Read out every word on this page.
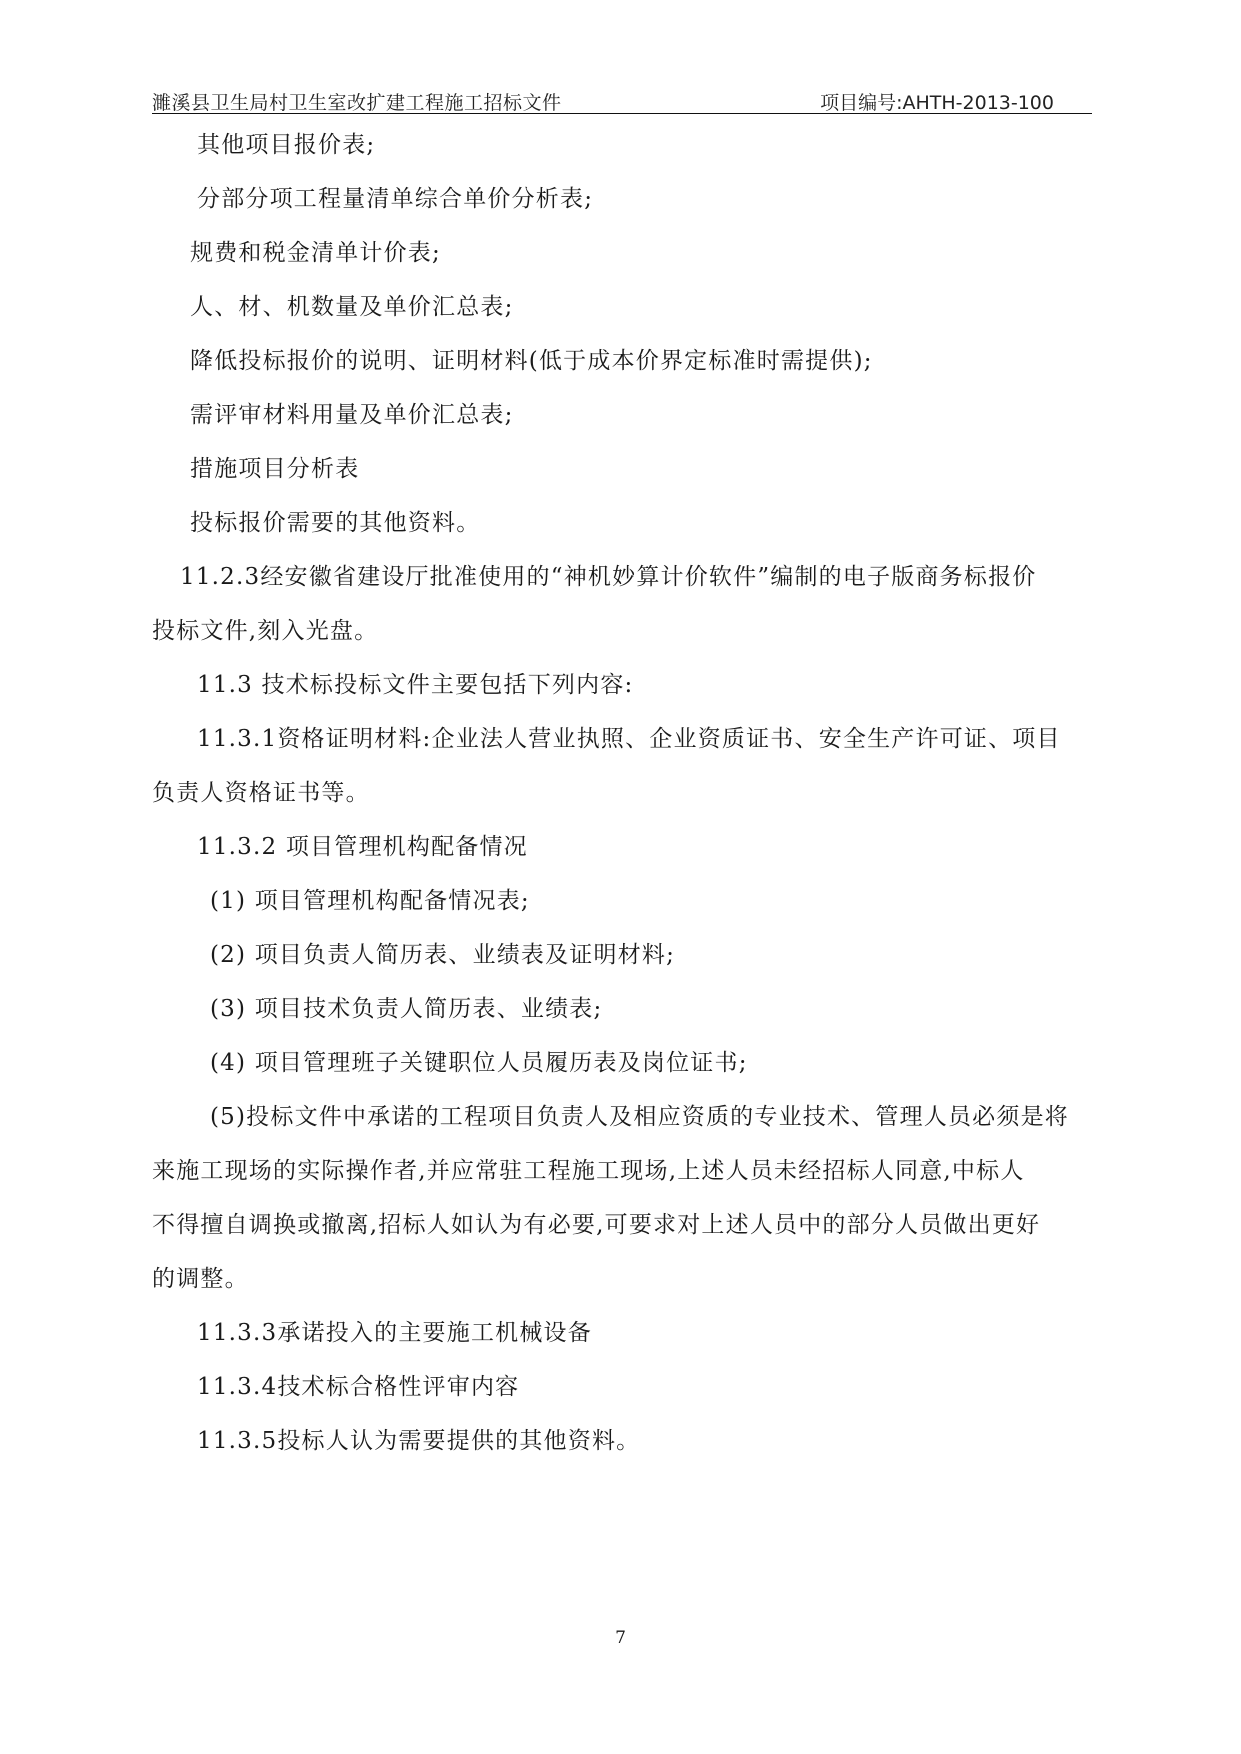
濉溪县卫生局村卫生室改扩建工程施工招标文件	项目编号:AHTH-2013-100
其他项目报价表;
分部分项工程量清单综合单价分析表;
规费和税金清单计价表;
人、材、机数量及单价汇总表;
降低投标报价的说明、证明材料(低于成本价界定标准时需提供);
需评审材料用量及单价汇总表;
措施项目分析表
投标报价需要的其他资料。
11.2.3经安徽省建设厅批准使用的“神机妙算计价软件”编制的电子版商务标报价
投标文件,刻入光盘。
11.3 技术标投标文件主要包括下列内容:
11.3.1资格证明材料:企业法人营业执照、企业资质证书、安全生产许可证、项目
负责人资格证书等。
11.3.2 项目管理机构配备情况
(1) 项目管理机构配备情况表;
(2) 项目负责人简历表、业绩表及证明材料;
(3) 项目技术负责人简历表、业绩表;
(4) 项目管理班子关键职位人员履历表及岗位证书;
(5)投标文件中承诺的工程项目负责人及相应资质的专业技术、管理人员必须是将
来施工现场的实际操作者,并应常驻工程施工现场,上述人员未经招标人同意,中标人
不得擅自调换或撤离,招标人如认为有必要,可要求对上述人员中的部分人员做出更好
的调整。
11.3.3承诺投入的主要施工机械设备
11.3.4技术标合格性评审内容
11.3.5投标人认为需要提供的其他资料。
7
